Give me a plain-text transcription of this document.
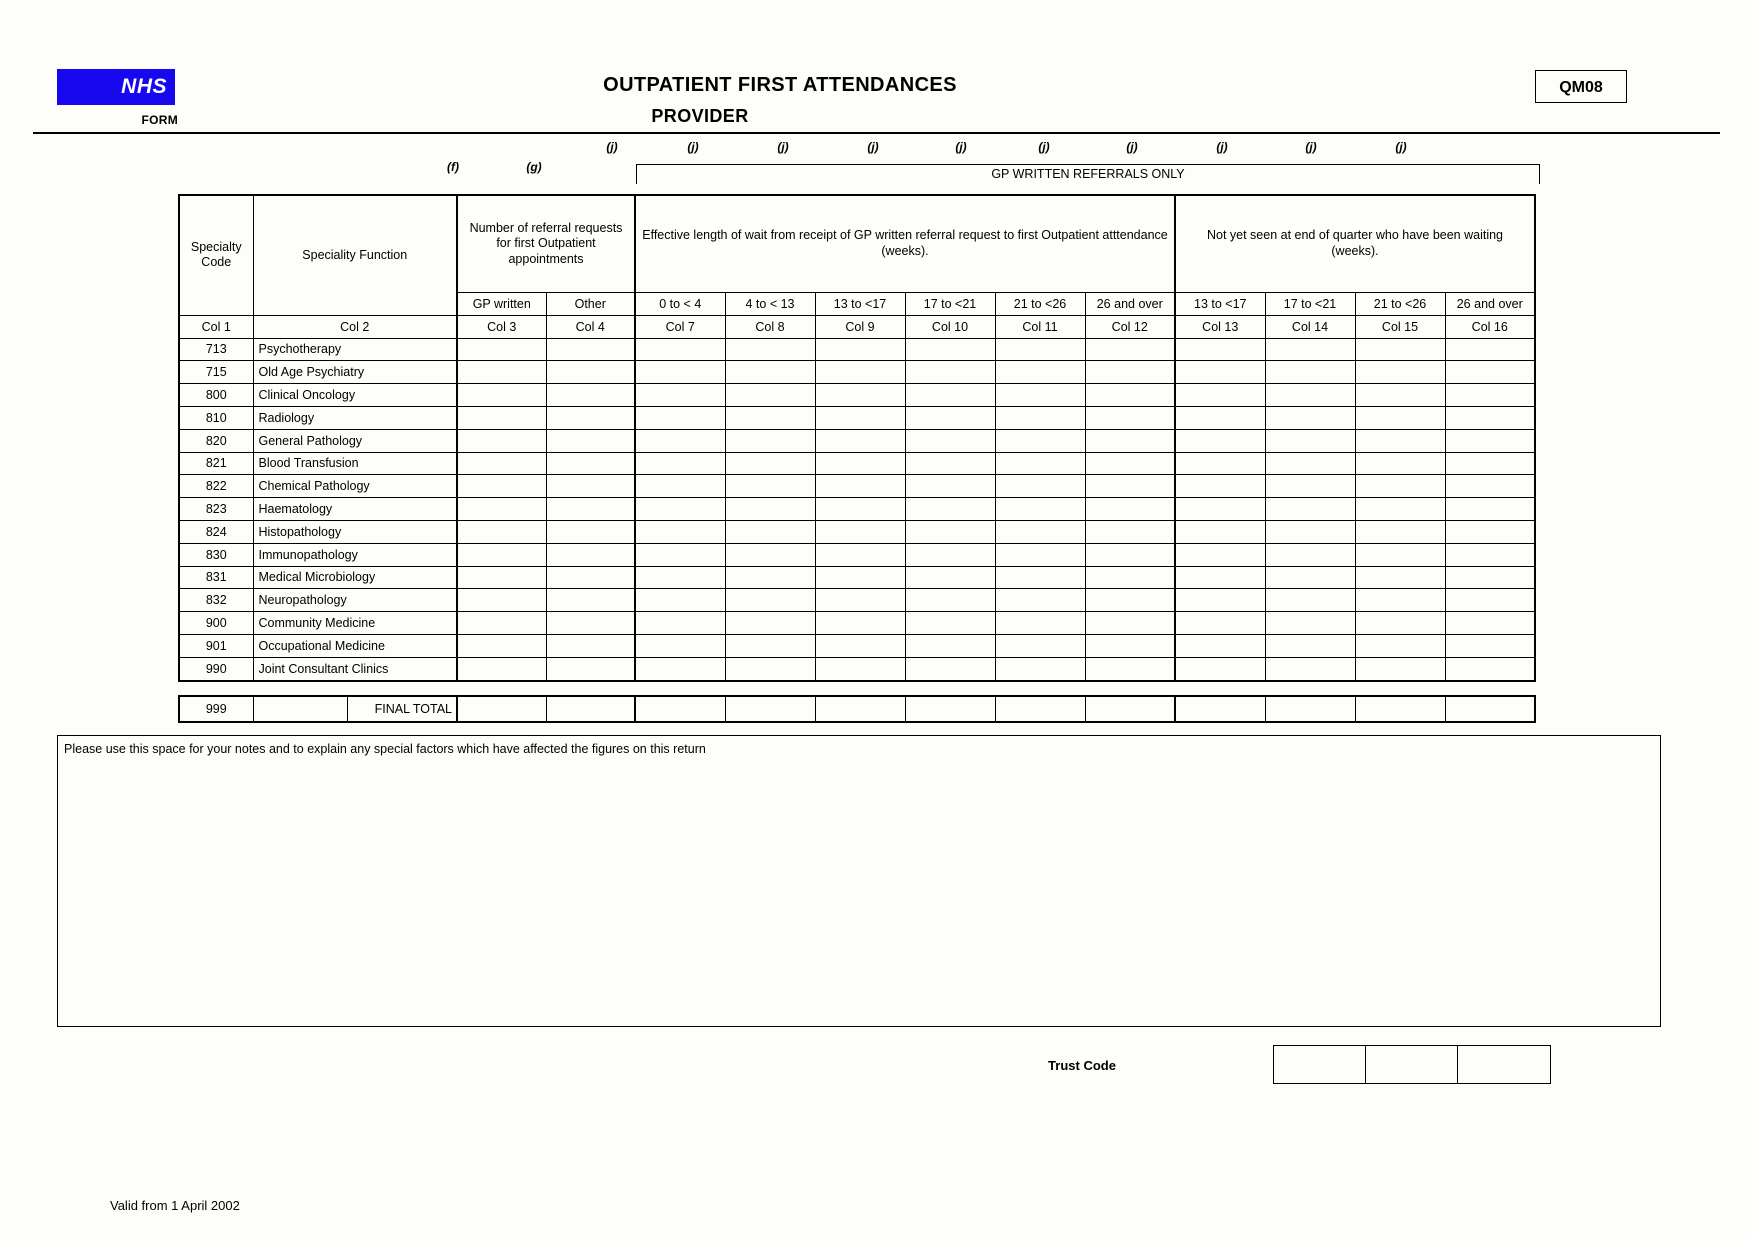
NHS
FORM
OUTPATIENT FIRST ATTENDANCES
PROVIDER
QM08
(f)	(g)
(j)	(j)	(j)	(j)	(j)	(j)	(j)	(j)	(j)	(j)
GP WRITTEN REFERRALS ONLY
Specialty Code	Speciality Function	Number of referral requests for first Outpatient appointments		Effective length of wait from receipt of GP written referral request to first Outpatient atttendance (weeks).						Not yet seen at end of quarter who have been waiting (weeks).			
		GP written	Other	0 to < 4	4 to < 13	13 to <17	17 to <21	21 to <26	26 and over	13 to <17	17 to <21	21 to <26	26 and over
Col 1	Col 2	Col 3	Col 4	Col 7	Col 8	Col 9	Col 10	Col 11	Col 12	Col 13	Col 14	Col 15	Col 16
713	Psychotherapy												
715	Old Age Psychiatry												
800	Clinical Oncology												
810	Radiology												
820	General Pathology												
821	Blood Transfusion												
822	Chemical Pathology												
823	Haematology												
824	Histopathology												
830	Immunopathology												
831	Medical Microbiology												
832	Neuropathology												
900	Community Medicine												
901	Occupational Medicine												
990	Joint Consultant Clinics												
999		FINAL TOTAL												
Please use this space for your notes and to explain any special factors which have affected the figures on this return
Trust Code
Valid from 1 April 2002
